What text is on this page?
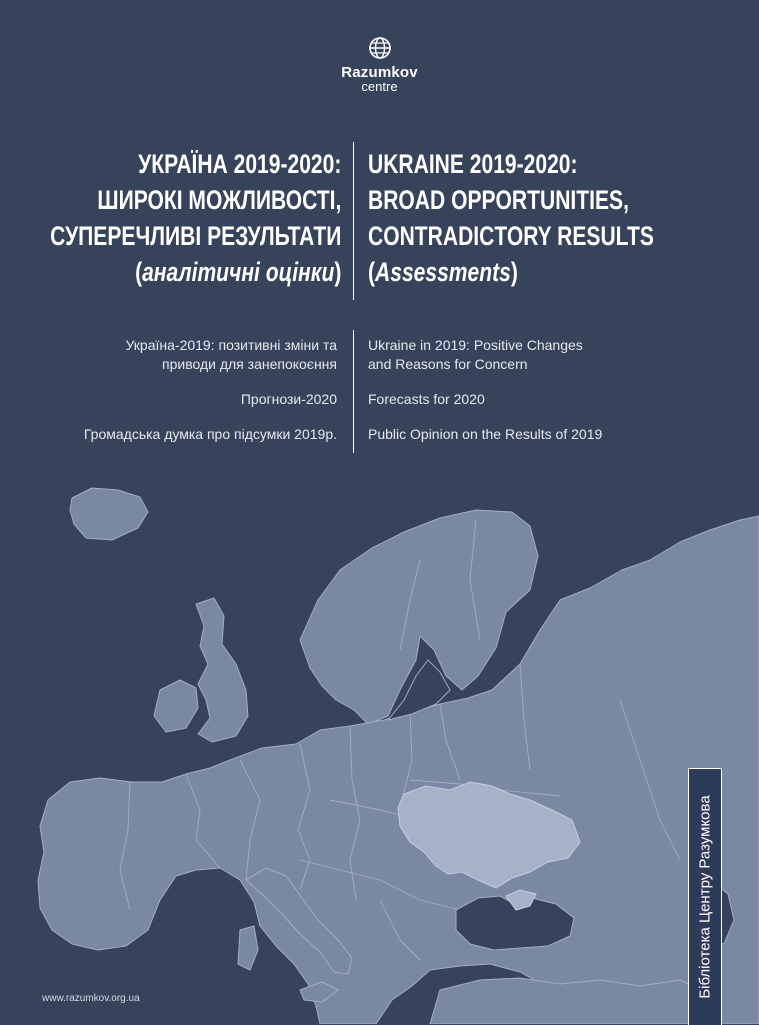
Razumkov
centre
УКРАЇНА 2019-2020:
ШИРОКІ МОЖЛИВОСТІ,
СУПЕРЕЧЛИВІ РЕЗУЛЬТАТИ
(аналітичні оцінки)
UKRAINE 2019-2020:
BROAD OPPORTUNITIES,
CONTRADICTORY RESULTS
(Assessments)
Україна-2019: позитивні зміни та
приводи для занепокоєння
Прогнози-2020
Громадська думка про підсумки 2019р.
Ukraine in 2019: Positive Changes
and Reasons for Concern
Forecasts for 2020
Public Opinion on the Results of 2019
Бібліотека Центру Разумкова
www.razumkov.org.ua
